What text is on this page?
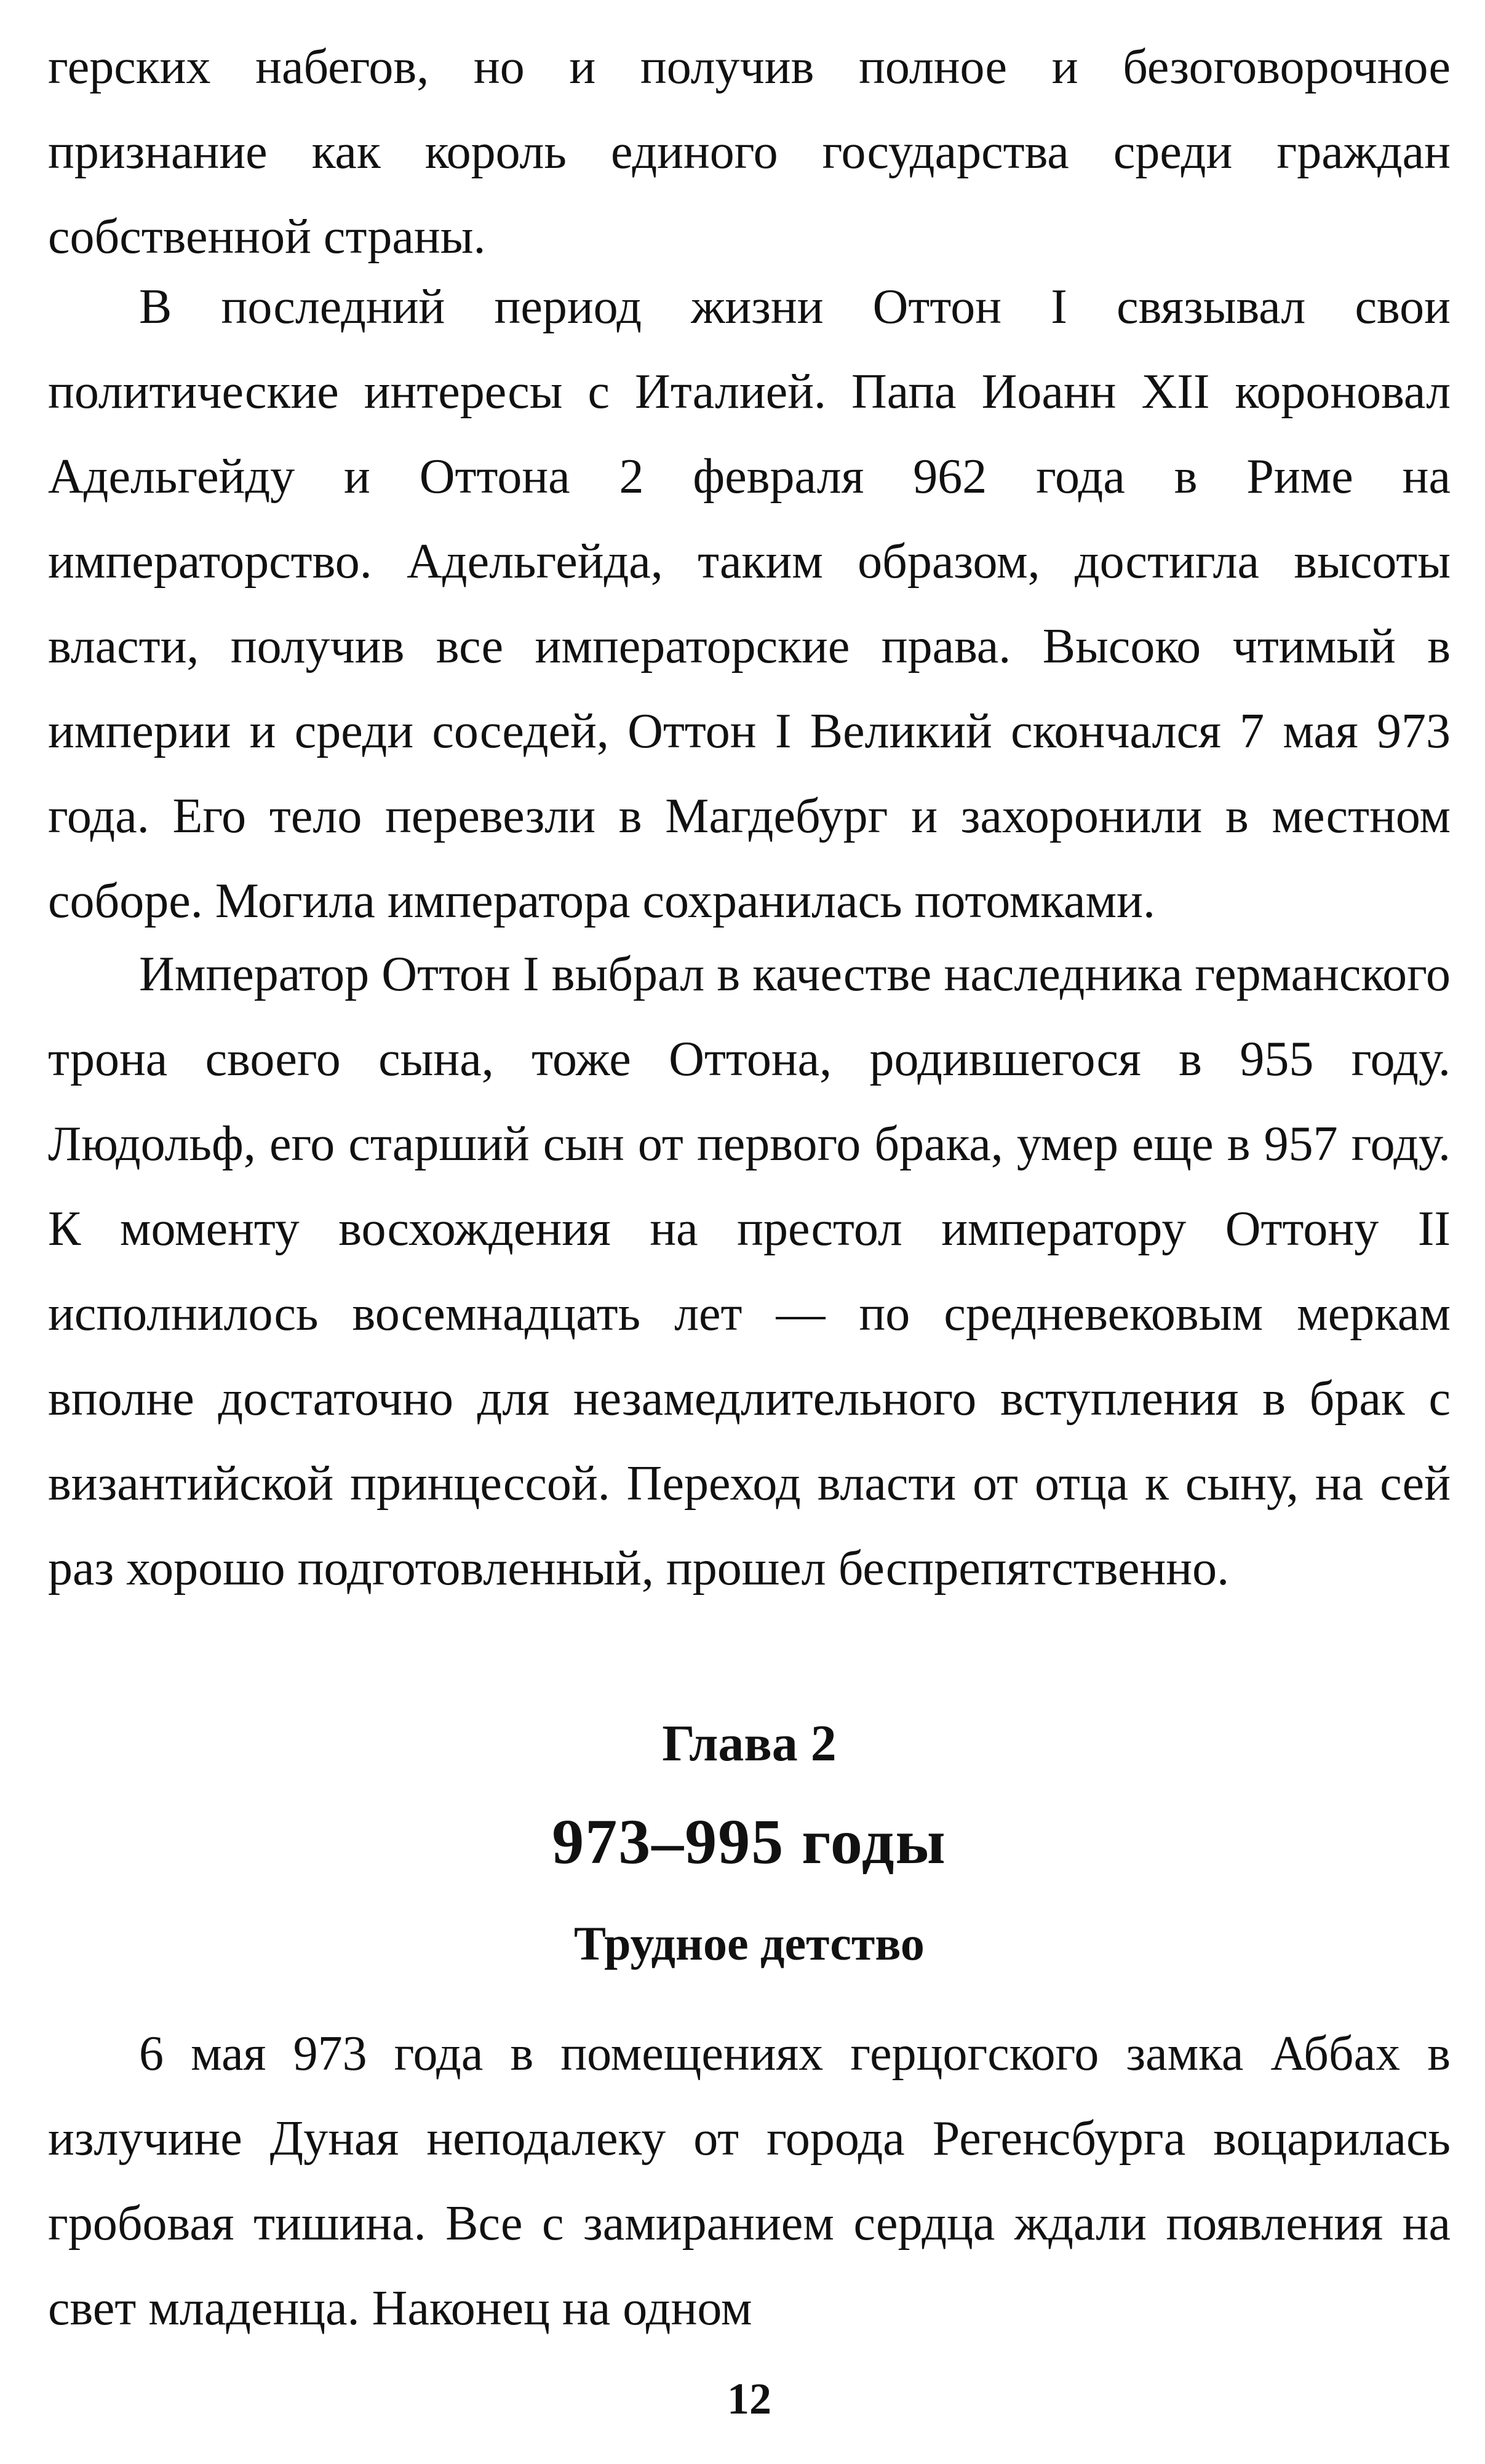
герских набегов, но и получив полное и безоговорочное признание как король единого государства среди граждан собственной страны.

В последний период жизни Оттон I связывал свои политические интересы с Италией. Папа Иоанн XII короновал Адельгейду и Оттона 2 февраля 962 года в Риме на императорство. Адельгейда, таким образом, достигла высоты власти, получив все императорские права. Высоко чтимый в империи и среди соседей, Оттон I Великий скончался 7 мая 973 года. Его тело перевезли в Магдебург и захоронили в местном соборе. Могила императора сохранилась потомками.

Император Оттон I выбрал в качестве наследника германского трона своего сына, тоже Оттона, родившегося в 955 году. Людольф, его старший сын от первого брака, умер еще в 957 году. К моменту восхождения на престол императору Оттону II исполнилось восемнадцать лет — по средневековым меркам вполне достаточно для незамедлительного вступления в брак с византийской принцессой. Переход власти от отца к сыну, на сей раз хорошо подготовленный, прошел беспрепятственно.

Глава 2
973–995 годы
Трудное детство

6 мая 973 года в помещениях герцогского замка Аббах в излучине Дуная неподалеку от города Регенсбурга воцарилась гробовая тишина. Все с замиранием сердца ждали появления на свет младенца. Наконец на одном

12
